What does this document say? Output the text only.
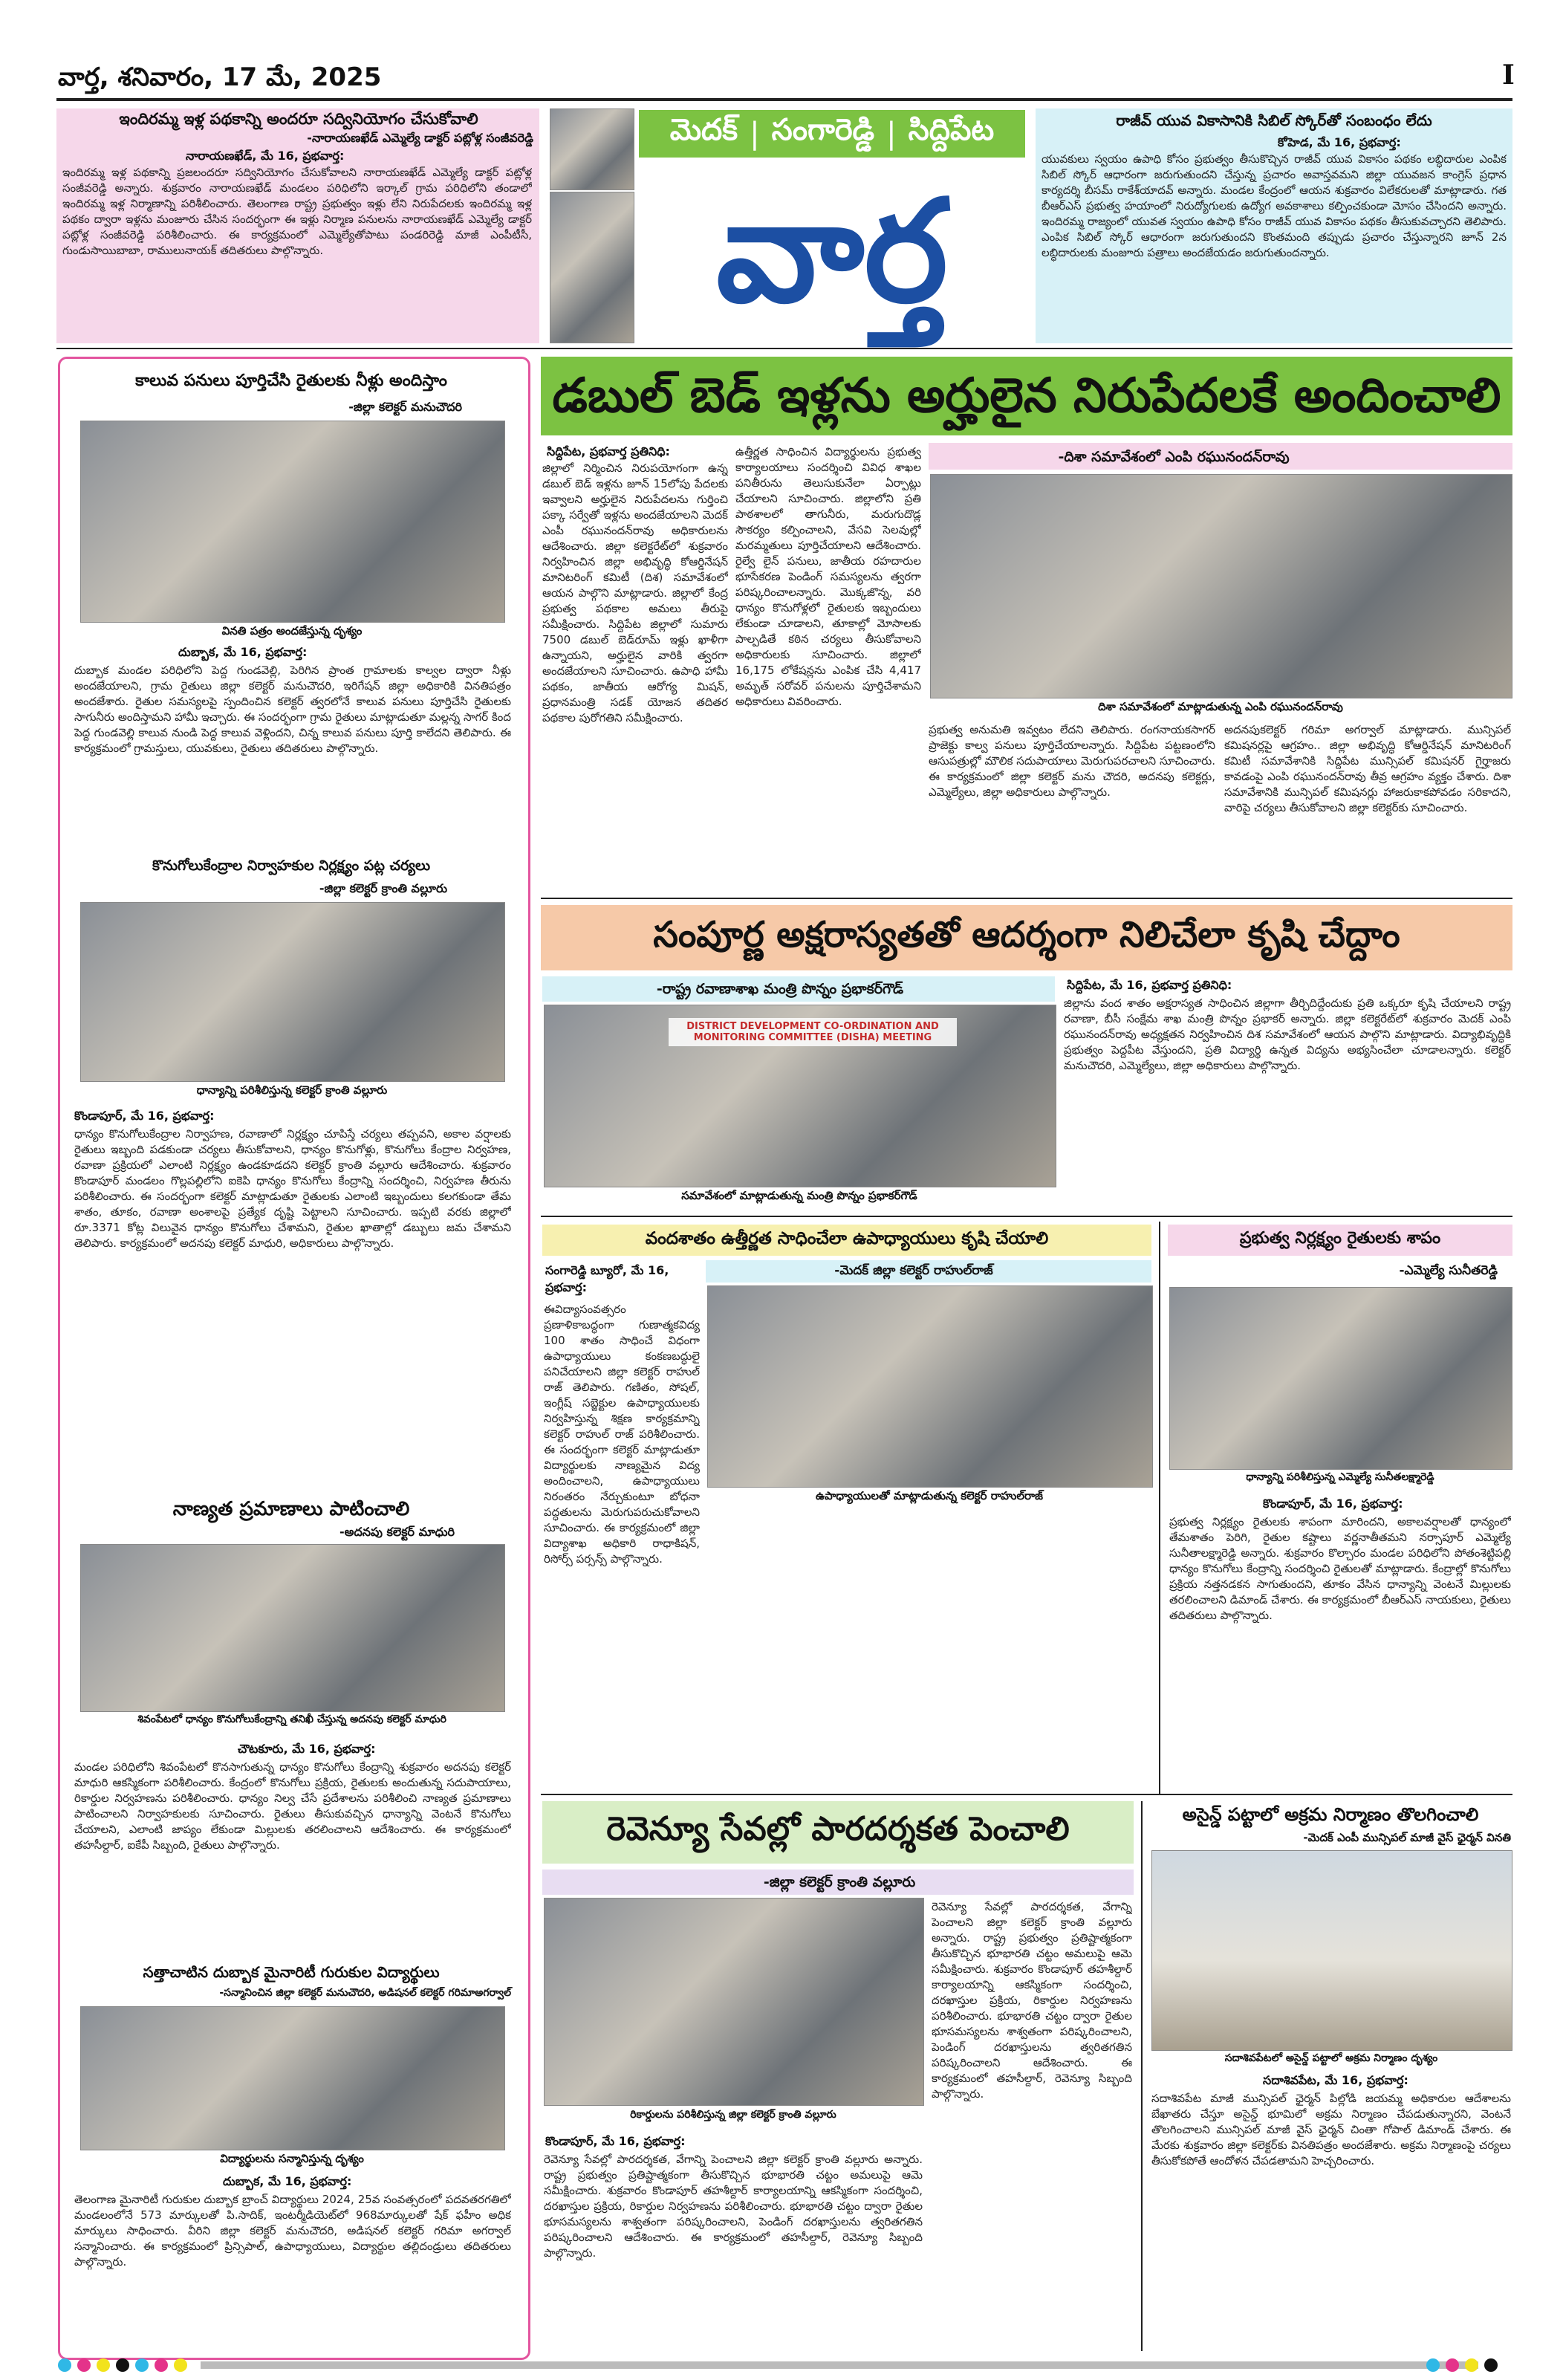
వార్త, శనివారం, 17 మే, 2025	I
ఇందిరమ్మ ఇళ్ల పథకాన్ని అందరూ సద్వినియోగం చేసుకోవాలి
-నారాయణఖేడ్ ఎమ్మెల్యే డాక్టర్ పట్లోళ్ల సంజీవరెడ్డి
నారాయణఖేడ్, మే 16, ప్రభ‌వార్త:
ఇందిరమ్మ ఇళ్ల పథకాన్ని ప్రజలందరూ సద్వినియోగం చేసుకోవాలని నారాయణఖేడ్ ఎమ్మెల్యే డాక్టర్ పట్లోళ్ల సంజీవరెడ్డి అన్నారు. శుక్రవారం నారాయణఖేడ్ మండలం పరిధిలోని ఇర్కాల్ గ్రామ పరిధిలోని తండాలో ఇందిరమ్మ ఇళ్ల నిర్మాణాన్ని పరిశీలించారు. తెలంగాణ రాష్ట్ర ప్రభుత్వం ఇళ్లు లేని నిరుపేదలకు ఇందిరమ్మ ఇళ్ల పథకం ద్వారా ఇళ్లను మంజూరు చేసిన సందర్భంగా ఈ ఇళ్లు నిర్మాణ పనులను నారాయణఖేడ్ ఎమ్మెల్యే డాక్టర్ పట్లోళ్ల సంజీవరెడ్డి పరిశీలించారు. ఈ కార్యక్రమంలో ఎమ్మెల్యేతోపాటు పండరిరెడ్డి మాజీ ఎంపీటీసీ, గుండుసాయిబాబా, రాములునాయక్ తదితరులు పాల్గొన్నారు.
మెదక్ | సంగారెడ్డి | సిద్దిపేట
వార్త
రాజీవ్ యువ వికాసానికి సిబిల్ స్కోర్‌తో సంబంధం లేదు
కోహెడ, మే 16, ప్రభ‌వార్త:
యువకులు స్వయం ఉపాధి కోసం ప్రభుత్వం తీసుకొచ్చిన రాజీవ్ యువ వికాసం పథకం లబ్ధిదారుల ఎంపిక సిబిల్ స్కోర్ ఆధారంగా జరుగుతుందని చేస్తున్న ప్రచారం అవాస్తవమని జిల్లా యువజన కాంగ్రెస్ ప్రధాన కార్యదర్శి బీసమ్ రాకేశ్‌యాదవ్ అన్నారు. మండల కేంద్రంలో ఆయన శుక్రవారం విలేకరులతో మాట్లాడారు. గత బీఆర్ఎస్ ప్రభుత్వ హయాంలో నిరుద్యోగులకు ఉద్యోగ అవకాశాలు కల్పించకుండా మోసం చేసిందని అన్నారు. ఇందిరమ్మ రాజ్యంలో యువత స్వయం ఉపాధి కోసం రాజీవ్ యువ వికాసం పథకం తీసుకువచ్చారని తెలిపారు. ఎంపిక సిబిల్ స్కోర్ ఆధారంగా జరుగుతుందని కొంతమంది తప్పుడు ప్రచారం చేస్తున్నారని జూన్ 2న లబ్ధిదారులకు మంజూరు పత్రాలు అందజేయడం జరుగుతుందన్నారు.
కాలువ పనులు పూర్తిచేసి రైతులకు నీళ్లు అందిస్తాం
-జిల్లా కలెక్టర్ మనుచౌదరి
వినతి పత్రం అందజేస్తున్న దృశ్యం
దుబ్బాక, మే 16, ప్రభ‌వార్త:
దుబ్బాక మండల పరిధిలోని పెద్ద గుండవెల్లి, పెరిగిన ప్రాంత గ్రామాలకు కాల్వల ద్వారా నీళ్లు అందజేయాలని, గ్రామ రైతులు జిల్లా కలెక్టర్ మనుచౌదరి, ఇరిగేషన్ జిల్లా అధికారికి వినతిపత్రం అందజేశారు. రైతుల సమస్యలపై స్పందించిన కలెక్టర్ త్వరలోనే కాలువ పనులు పూర్తిచేసి రైతులకు సాగునీరు అందిస్తామని హామీ ఇచ్చారు. ఈ సందర్భంగా గ్రామ రైతులు మాట్లాడుతూ మల్లన్న సాగర్ కింద పెద్ద గుండవెల్లి కాలువ నుండి పెద్ద కాలువ వెళ్లిందని, చిన్న కాలువ పనులు పూర్తి కాలేదని తెలిపారు. ఈ కార్యక్రమంలో గ్రామస్తులు, యువకులు, రైతులు తదితరులు పాల్గొన్నారు.
కొనుగోలుకేంద్రాల నిర్వాహకుల నిర్లక్ష్యం పట్ల చర్యలు
-జిల్లా కలెక్టర్ క్రాంతి వల్లూరు
ధాన్యాన్ని పరిశీలిస్తున్న కలెక్టర్ క్రాంతి వల్లూరు
కొండాపూర్, మే 16, ప్రభ‌వార్త:
ధాన్యం కొనుగోలుకేంద్రాల నిర్వాహణ, రవాణాలో నిర్లక్ష్యం చూపిస్తే చర్యలు తప్పవని, అకాల వర్షాలకు రైతులు ఇబ్బంది పడకుండా చర్యలు తీసుకోవాలని, ధాన్యం కొనుగోళ్లు, కొనుగోలు కేంద్రాల నిర్వహణ, రవాణా ప్రక్రియలో ఎలాంటి నిర్లక్ష్యం ఉండకూడదని కలెక్టర్ క్రాంతి వల్లూరు ఆదేశించారు. శుక్రవారం కొండాపూర్ మండలం గొల్లపల్లిలోని ఐకెపి ధాన్యం కొనుగోలు కేంద్రాన్ని సందర్శించి, నిర్వహణ తీరును పరిశీలించారు. ఈ సందర్భంగా కలెక్టర్ మాట్లాడుతూ రైతులకు ఎలాంటి ఇబ్బందులు కలగకుండా తేమ శాతం, తూకం, రవాణా అంశాలపై ప్రత్యేక దృష్టి పెట్టాలని సూచించారు. ఇప్పటి వరకు జిల్లాలో రూ.3371 కోట్ల విలువైన ధాన్యం కొనుగోలు చేశామని, రైతుల ఖాతాల్లో డబ్బులు జమ చేశామని తెలిపారు. కార్యక్రమంలో అదనపు కలెక్టర్ మాధురి, అధికారులు పాల్గొన్నారు.
నాణ్యత ప్రమాణాలు పాటించాలి
-అదనపు కలెక్టర్ మాధురి
శివంపేటలో ధాన్యం కొనుగోలుకేంద్రాన్ని తనిఖీ చేస్తున్న అదనపు కలెక్టర్ మాధురి
చౌటకూరు, మే 16, ప్రభ‌వార్త:
మండల పరిధిలోని శివంపేటలో కొనసాగుతున్న ధాన్యం కొనుగోలు కేంద్రాన్ని శుక్రవారం అదనపు కలెక్టర్ మాధురి ఆకస్మికంగా పరిశీలించారు. కేంద్రంలో కొనుగోలు ప్రక్రియ, రైతులకు అందుతున్న సదుపాయాలు, రికార్డుల నిర్వహణను పరిశీలించారు. ధాన్యం నిల్వ చేసే ప్రదేశాలను పరిశీలించి నాణ్యత ప్రమాణాలు పాటించాలని నిర్వాహకులకు సూచించారు. రైతులు తీసుకువచ్చిన ధాన్యాన్ని వెంటనే కొనుగోలు చేయాలని, ఎలాంటి జాప్యం లేకుండా మిల్లులకు తరలించాలని ఆదేశించారు. ఈ కార్యక్రమంలో తహసీల్దార్, ఐకేపీ సిబ్బంది, రైతులు పాల్గొన్నారు.
సత్తాచాటిన దుబ్బాక మైనారిటీ గురుకుల విద్యార్థులు
-సన్మానించిన జిల్లా కలెక్టర్ మనుచౌదరి, అడిషనల్ కలెక్టర్ గరిమాఅగర్వాల్
విద్యార్థులను సన్మానిస్తున్న దృశ్యం
దుబ్బాక, మే 16, ప్రభ‌వార్త:
తెలంగాణ మైనారిటీ గురుకుల దుబ్బాక బ్రాంచ్ విద్యార్థులు 2024, 25వ సంవత్సరంలో పదవతరగతిలో మండలంలోనే 573 మార్కులతో పి.సాదిక్, ఇంటర్మీడియెట్‌లో 968మార్కులతో షేక్ ఫహీం అధిక మార్కులు సాధించారు. వీరిని జిల్లా కలెక్టర్ మనుచౌదరి, అడిషనల్ కలెక్టర్ గరిమా అగర్వాల్ సన్మానించారు. ఈ కార్యక్రమంలో ప్రిన్సిపాల్, ఉపాధ్యాయులు, విద్యార్థుల తల్లిదండ్రులు తదితరులు పాల్గొన్నారు.
డబుల్ బెడ్ ఇళ్లను అర్హులైన నిరుపేదలకే అందించాలి
సిద్దిపేట, ప్రభ‌వార్త ప్రతినిధి:
జిల్లాలో నిర్మించిన నిరుపయోగంగా ఉన్న డబుల్ బెడ్ ఇళ్లను జూన్ 15లోపు పేదలకు ఇవ్వాలని అర్హులైన నిరుపేదలను గుర్తించి పక్కా సర్వేతో ఇళ్లను అందజేయాలని మెదక్ ఎంపీ రఘునందన్‌రావు అధికారులను ఆదేశించారు. జిల్లా కలెక్టరేట్‌లో శుక్రవారం నిర్వహించిన జిల్లా అభివృద్ధి కోఆర్డినేషన్ మానిటరింగ్ కమిటీ (దిశ) సమావేశంలో ఆయన పాల్గొని మాట్లాడారు. జిల్లాలో కేంద్ర ప్రభుత్వ పథకాల అమలు తీరుపై సమీక్షించారు. సిద్దిపేట జిల్లాలో సుమారు 7500 డబుల్ బెడ్‌రూమ్ ఇళ్లు ఖాళీగా ఉన్నాయని, అర్హులైన వారికి త్వరగా అందజేయాలని సూచించారు. ఉపాధి హామీ పథకం, జాతీయ ఆరోగ్య మిషన్, ప్రధానమంత్రి సడక్ యోజన తదితర పథకాల పురోగతిని సమీక్షించారు.
ఉత్తీర్ణత సాధించిన విద్యార్థులను ప్రభుత్వ కార్యాలయాలు సందర్శించి వివిధ శాఖల పనితీరును తెలుసుకునేలా ఏర్పాట్లు చేయాలని సూచించారు. జిల్లాలోని ప్రతి పాఠశాలలో తాగునీరు, మరుగుదొడ్ల సౌకర్యం కల్పించాలని, వేసవి సెలవుల్లో మరమ్మతులు పూర్తిచేయాలని ఆదేశించారు. రైల్వే లైన్ పనులు, జాతీయ రహదారుల భూసేకరణ పెండింగ్ సమస్యలను త్వరగా పరిష్కరించాలన్నారు. మొక్కజొన్న, వరి ధాన్యం కొనుగోళ్లలో రైతులకు ఇబ్బందులు లేకుండా చూడాలని, తూకాల్లో మోసాలకు పాల్పడితే కఠిన చర్యలు తీసుకోవాలని అధికారులకు సూచించారు. జిల్లాలో 16,175 లోకేషన్లను ఎంపిక చేసి 4,417 అమృత్ సరోవర్ పనులను పూర్తిచేశామని అధికారులు వివరించారు.
-దిశా సమావేశంలో ఎంపి రఘునందన్‌రావు
దిశా సమావేశంలో మాట్లాడుతున్న ఎంపి రఘునందన్‌రావు
ప్రభుత్వ అనుమతి ఇవ్వటం లేదని తెలిపారు. రంగనాయకసాగర్ ప్రాజెక్టు కాల్వ పనులు పూర్తిచేయాలన్నారు. సిద్దిపేట పట్టణంలోని ఆసుపత్రుల్లో మౌలిక సదుపాయాలు మెరుగుపరచాలని సూచించారు. ఈ కార్యక్రమంలో జిల్లా కలెక్టర్ మను చౌదరి, అదనపు కలెక్టర్లు, ఎమ్మెల్యేలు, జిల్లా అధికారులు పాల్గొన్నారు.
అదనపుకలెక్టర్ గరిమా అగర్వాల్ మాట్లాడారు. మున్సిపల్ కమిషనర్లపై ఆగ్రహం.. జిల్లా అభివృద్ధి కోఆర్డినేషన్ మానిటరింగ్ కమిటీ సమావేశానికి సిద్దిపేట మున్సిపల్ కమిషనర్ గైర్హాజరు కావడంపై ఎంపి రఘునందన్‌రావు తీవ్ర ఆగ్రహం వ్యక్తం చేశారు. దిశా సమావేశానికి మున్సిపల్ కమిషనర్లు హాజరుకాకపోవడం సరికాదని, వారిపై చర్యలు తీసుకోవాలని జిల్లా కలెక్టర్‌కు సూచించారు.
సంపూర్ణ అక్షరాస్యతతో ఆదర్శంగా నిలిచేలా కృషి చేద్దాం
-రాష్ట్ర రవాణాశాఖ మంత్రి పొన్నం ప్రభాకర్‌గౌడ్
DISTRICT DEVELOPMENT CO-ORDINATION AND MONITORING COMMITTEE (DISHA) MEETING
సమావేశంలో మాట్లాడుతున్న మంత్రి పొన్నం ప్రభాకర్‌గౌడ్
సిద్దిపేట, మే 16, ప్రభ‌వార్త ప్రతినిధి:
జిల్లాను వంద శాతం అక్షరాస్యత సాధించిన జిల్లాగా తీర్చిదిద్దేందుకు ప్రతి ఒక్కరూ కృషి చేయాలని రాష్ట్ర రవాణా, బీసీ సంక్షేమ శాఖ మంత్రి పొన్నం ప్రభాకర్ అన్నారు. జిల్లా కలెక్టరేట్‌లో శుక్రవారం మెదక్ ఎంపి రఘునందన్‌రావు అధ్యక్షతన నిర్వహించిన దిశ సమావేశంలో ఆయన పాల్గొని మాట్లాడారు. విద్యాభివృద్ధికి ప్రభుత్వం పెద్దపీట వేస్తుందని, ప్రతి విద్యార్థి ఉన్నత విద్యను అభ్యసించేలా చూడాలన్నారు. కలెక్టర్ మనుచౌదరి, ఎమ్మెల్యేలు, జిల్లా అధికారులు పాల్గొన్నారు.
వందశాతం ఉత్తీర్ణత సాధించేలా ఉపాధ్యాయులు కృషి చేయాలి
సంగారెడ్డి బ్యూరో, మే 16, ప్రభ‌వార్త:
-మెదక్ జిల్లా కలెక్టర్ రాహుల్‌రాజ్
ఉపాధ్యాయులతో మాట్లాడుతున్న కలెక్టర్ రాహుల్‌రాజ్
ఈవిద్యాసంవత్సరం ప్రణాళికాబద్ధంగా గుణాత్మకవిద్య 100 శాతం సాధించే విధంగా ఉపాధ్యాయులు కంకణబద్ధులై పనిచేయాలని జిల్లా కలెక్టర్ రాహుల్ రాజ్ తెలిపారు. గణితం, సోషల్, ఇంగ్లీష్ సబ్జెక్టుల ఉపాధ్యాయులకు నిర్వహిస్తున్న శిక్షణ కార్యక్రమాన్ని కలెక్టర్ రాహుల్ రాజ్ పరిశీలించారు. ఈ సందర్భంగా కలెక్టర్ మాట్లాడుతూ విద్యార్థులకు నాణ్యమైన విద్య అందించాలని, ఉపాధ్యాయులు నిరంతరం నేర్చుకుంటూ బోధనా పద్ధతులను మెరుగుపరుచుకోవాలని సూచించారు. ఈ కార్యక్రమంలో జిల్లా విద్యాశాఖ అధికారి రాధాకిషన్, రిసోర్స్ పర్సన్స్ పాల్గొన్నారు.
ప్రభుత్వ నిర్లక్ష్యం రైతులకు శాపం
-ఎమ్మెల్యే సునీతరెడ్డి
ధాన్యాన్ని పరిశీలిస్తున్న ఎమ్మెల్యే సునీతలక్ష్మారెడ్డి
కొండాపూర్, మే 16, ప్రభ‌వార్త:
ప్రభుత్వ నిర్లక్ష్యం రైతులకు శాపంగా మారిందని, అకాలవర్షాలతో ధాన్యంలో తేమశాతం పెరిగి, రైతుల కష్టాలు వర్ణనాతీతమని నర్సాపూర్ ఎమ్మెల్యే సునీతాలక్ష్మారెడ్డి అన్నారు. శుక్రవారం కొల్చారం మండల పరిధిలోని పోతంశెట్టిపల్లి ధాన్యం కొనుగోలు కేంద్రాన్ని సందర్శించి రైతులతో మాట్లాడారు. కేంద్రాల్లో కొనుగోలు ప్రక్రియ నత్తనడకన సాగుతుందని, తూకం వేసిన ధాన్యాన్ని వెంటనే మిల్లులకు తరలించాలని డిమాండ్ చేశారు. ఈ కార్యక్రమంలో బీఆర్ఎస్ నాయకులు, రైతులు తదితరులు పాల్గొన్నారు.
రెవెన్యూ సేవల్లో పారదర్శకత పెంచాలి
-జిల్లా కలెక్టర్ క్రాంతి వల్లూరు
రికార్డులను పరిశీలిస్తున్న జిల్లా కలెక్టర్ క్రాంతి వల్లూరు
కొండాపూర్, మే 16, ప్రభ‌వార్త:
రెవెన్యూ సేవల్లో పారదర్శకత, వేగాన్ని పెంచాలని జిల్లా కలెక్టర్ క్రాంతి వల్లూరు అన్నారు. రాష్ట్ర ప్రభుత్వం ప్రతిష్టాత్మకంగా తీసుకొచ్చిన భూభారతి చట్టం అమలుపై ఆమె సమీక్షించారు. శుక్రవారం కొండాపూర్ తహశీల్దార్ కార్యాలయాన్ని ఆకస్మికంగా సందర్శించి, దరఖాస్తుల ప్రక్రియ, రికార్డుల నిర్వహణను పరిశీలించారు. భూభారతి చట్టం ద్వారా రైతుల భూసమస్యలను శాశ్వతంగా పరిష్కరించాలని, పెండింగ్ దరఖాస్తులను త్వరితగతిన పరిష్కరించాలని ఆదేశించారు. ఈ కార్యక్రమంలో తహసీల్దార్, రెవెన్యూ సిబ్బంది పాల్గొన్నారు.
రెవెన్యూ సేవల్లో పారదర్శకత, వేగాన్ని పెంచాలని జిల్లా కలెక్టర్ క్రాంతి వల్లూరు అన్నారు. రాష్ట్ర ప్రభుత్వం ప్రతిష్టాత్మకంగా తీసుకొచ్చిన భూభారతి చట్టం అమలుపై ఆమె సమీక్షించారు. శుక్రవారం కొండాపూర్ తహశీల్దార్ కార్యాలయాన్ని ఆకస్మికంగా సందర్శించి, దరఖాస్తుల ప్రక్రియ, రికార్డుల నిర్వహణను పరిశీలించారు. భూభారతి చట్టం ద్వారా రైతుల భూసమస్యలను శాశ్వతంగా పరిష్కరించాలని, పెండింగ్ దరఖాస్తులను త్వరితగతిన పరిష్కరించాలని ఆదేశించారు. ఈ కార్యక్రమంలో తహసీల్దార్, రెవెన్యూ సిబ్బంది పాల్గొన్నారు.
అసైన్డ్ పట్టాలో అక్రమ నిర్మాణం తొలగించాలి
-మెదక్ ఎంపీ మున్సిపల్ మాజీ వైస్ ఛైర్మన్ వినతి
సదాశివపేటలో అసైన్డ్ పట్టాలో అక్రమ నిర్మాణం దృశ్యం
సదాశివపేట, మే 16, ప్రభ‌వార్త:
సదాశివపేట మాజీ మున్సిపల్ ఛైర్మన్ పిల్లోడి జయమ్మ అధికారుల ఆదేశాలను బేఖాతరు చేస్తూ అసైన్డ్ భూమిలో అక్రమ నిర్మాణం చేపడుతున్నారని, వెంటనే తొలగించాలని మున్సిపల్ మాజీ వైస్ ఛైర్మన్ చింతా గోపాల్ డిమాండ్ చేశారు. ఈ మేరకు శుక్రవారం జిల్లా కలెక్టర్‌కు వినతిపత్రం అందజేశారు. అక్రమ నిర్మాణంపై చర్యలు తీసుకోకపోతే ఆందోళన చేపడతామని హెచ్చరించారు.
